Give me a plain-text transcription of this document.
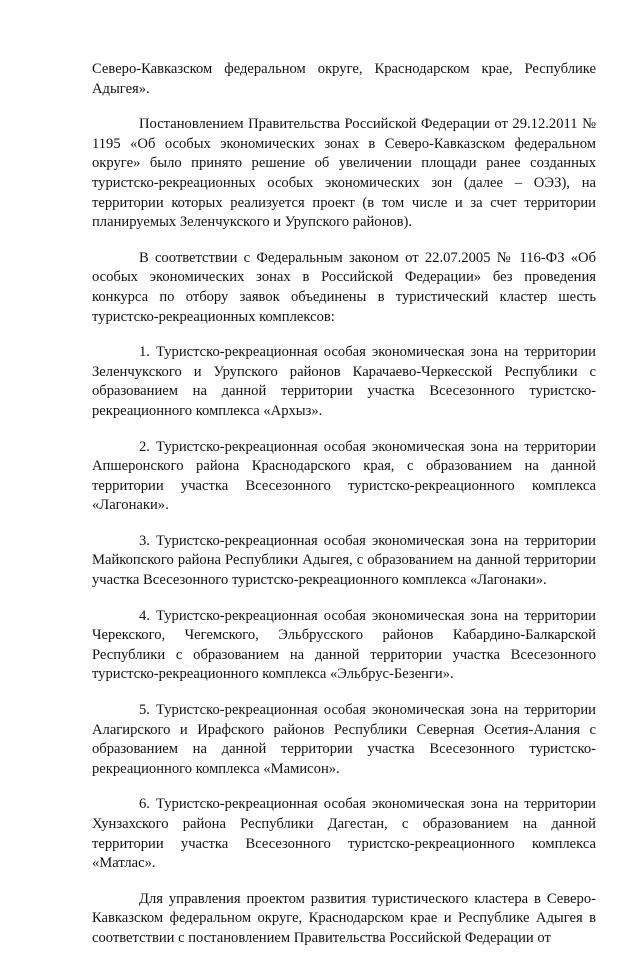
Северо-Кавказском федеральном округе, Краснодарском крае, Республике Адыгея».

Постановлением Правительства Российской Федерации от 29.12.2011 № 1195 «Об особых экономических зонах в Северо-Кавказском федеральном округе» было принято решение об увеличении площади ранее созданных туристско-рекреационных особых экономических зон (далее – ОЭЗ), на территории которых реализуется проект (в том числе и за счет территории планируемых Зеленчукского и Урупского районов).

В соответствии с Федеральным законом от 22.07.2005 № 116-ФЗ «Об особых экономических зонах в Российской Федерации» без проведения конкурса по отбору заявок объединены в туристический кластер шесть туристско-рекреационных комплексов:

1. Туристско-рекреационная особая экономическая зона на территории Зеленчукского и Урупского районов Карачаево-Черкесской Республики с образованием на данной территории участка Всесезонного туристско-рекреационного комплекса «Архыз».

2. Туристско-рекреационная особая экономическая зона на территории Апшеронского района Краснодарского края, с образованием на данной территории участка Всесезонного туристско-рекреационного комплекса «Лагонаки».

3. Туристско-рекреационная особая экономическая зона на территории Майкопского района Республики Адыгея, с образованием на данной территории участка Всесезонного туристско-рекреационного комплекса «Лагонаки».

4. Туристско-рекреационная особая экономическая зона на территории Черекского, Чегемского, Эльбрусского районов Кабардино-Балкарской Республики с образованием на данной территории участка Всесезонного туристско-рекреационного комплекса «Эльбрус-Безенги».

5. Туристско-рекреационная особая экономическая зона на территории Алагирского и Ирафского районов Республики Северная Осетия-Алания с образованием на данной территории участка Всесезонного туристско-рекреационного комплекса «Мамисон».

6. Туристско-рекреационная особая экономическая зона на территории Хунзахского района Республики Дагестан, с образованием на данной территории участка Всесезонного туристско-рекреационного комплекса «Матлас».

Для управления проектом развития туристического кластера в Северо-Кавказском федеральном округе, Краснодарском крае и Республике Адыгея в соответствии с постановлением Правительства Российской Федерации от
